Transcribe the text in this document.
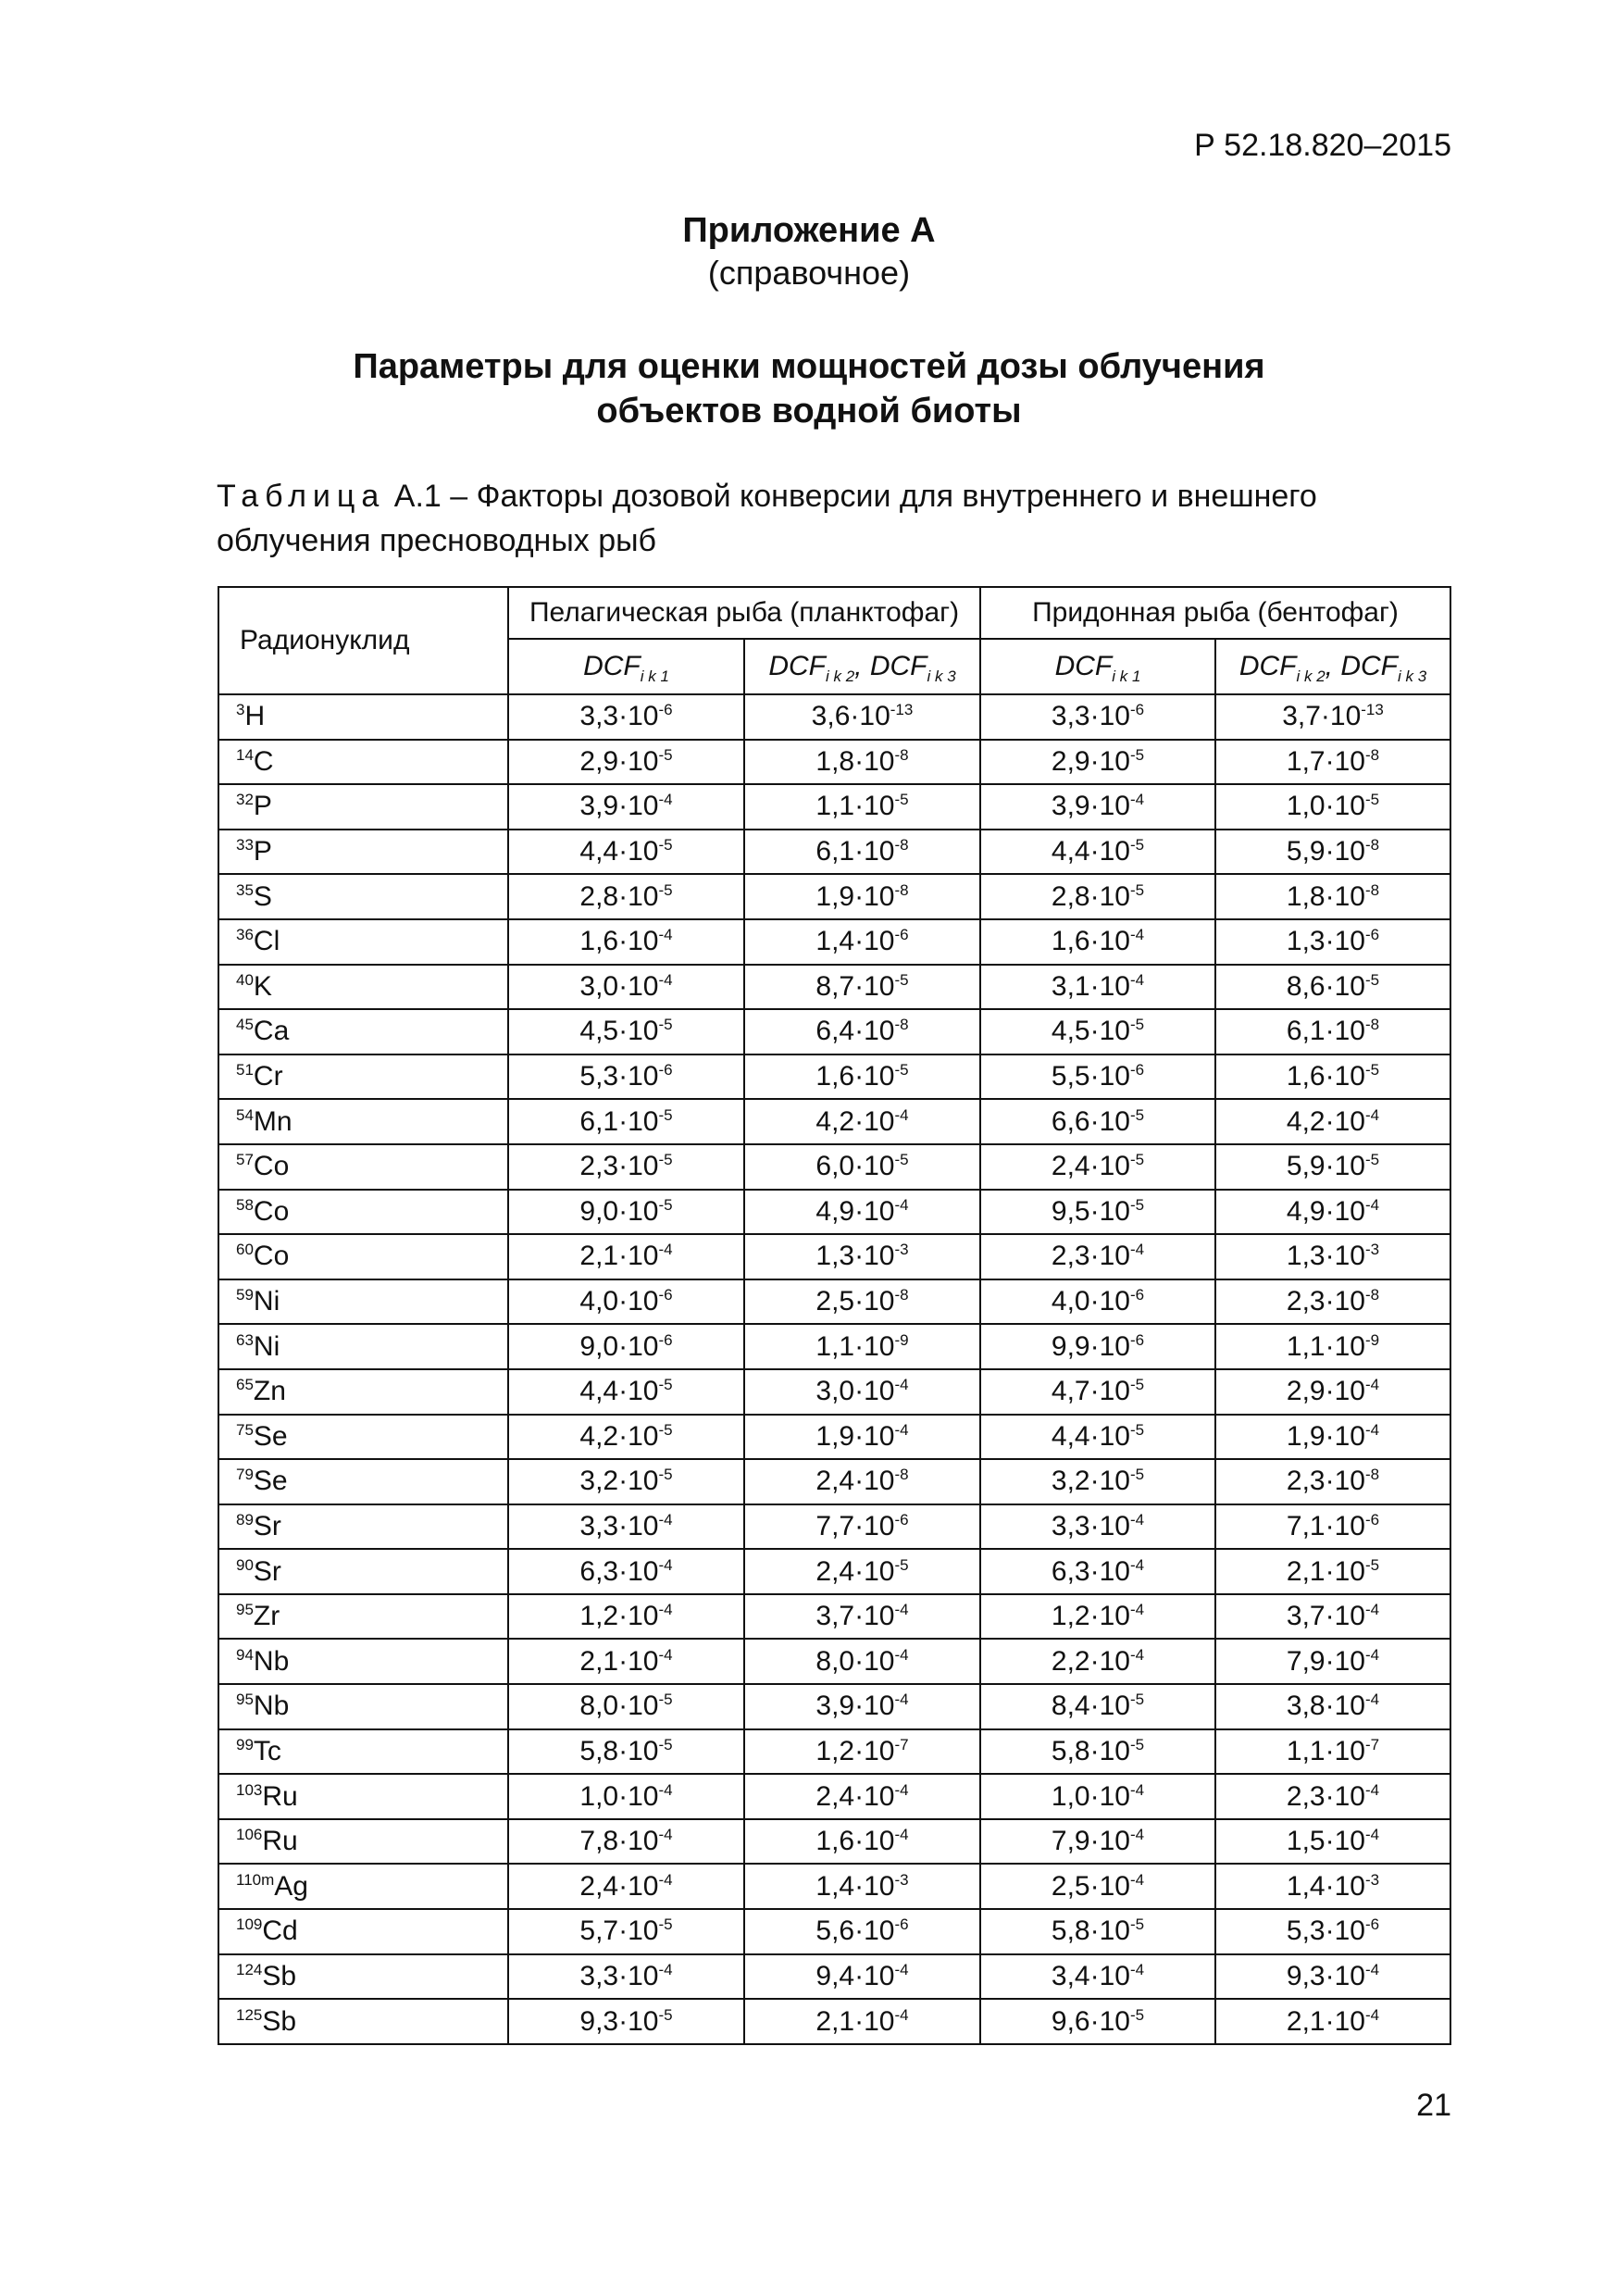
Р 52.18.820–2015
Приложение А
(справочное)
Параметры для оценки мощностей дозы облучения
объектов водной биоты
Таблица А.1 – Факторы дозовой конверсии для внутреннего и внешнего облучения пресноводных рыб
Радионуклид	Пелагическая рыба (планктофаг)		Придонная рыба (бентофаг)	
	$DCF_{i k 1}$	$DCF_{i k 2}$, $DCF_{i k 3}$	$DCF_{i k 1}$	$DCF_{i k 2}$, $DCF_{i k 3}$
$^3$H	$3,3\cdot 10^{-6}$	$3,6\cdot 10^{-13}$	$3,3\cdot 10^{-6}$	$3,7\cdot 10^{-13}$
$^{14}$C	$2,9\cdot 10^{-5}$	$1,8\cdot 10^{-8}$	$2,9\cdot 10^{-5}$	$1,7\cdot 10^{-8}$
$^{32}$P	$3,9\cdot 10^{-4}$	$1,1\cdot 10^{-5}$	$3,9\cdot 10^{-4}$	$1,0\cdot 10^{-5}$
$^{33}$P	$4,4\cdot 10^{-5}$	$6,1\cdot 10^{-8}$	$4,4\cdot 10^{-5}$	$5,9\cdot 10^{-8}$
$^{35}$S	$2,8\cdot 10^{-5}$	$1,9\cdot 10^{-8}$	$2,8\cdot 10^{-5}$	$1,8\cdot 10^{-8}$
$^{36}$Cl	$1,6\cdot 10^{-4}$	$1,4\cdot 10^{-6}$	$1,6\cdot 10^{-4}$	$1,3\cdot 10^{-6}$
$^{40}$K	$3,0\cdot 10^{-4}$	$8,7\cdot 10^{-5}$	$3,1\cdot 10^{-4}$	$8,6\cdot 10^{-5}$
$^{45}$Ca	$4,5\cdot 10^{-5}$	$6,4\cdot 10^{-8}$	$4,5\cdot 10^{-5}$	$6,1\cdot 10^{-8}$
$^{51}$Cr	$5,3\cdot 10^{-6}$	$1,6\cdot 10^{-5}$	$5,5\cdot 10^{-6}$	$1,6\cdot 10^{-5}$
$^{54}$Mn	$6,1\cdot 10^{-5}$	$4,2\cdot 10^{-4}$	$6,6\cdot 10^{-5}$	$4,2\cdot 10^{-4}$
$^{57}$Co	$2,3\cdot 10^{-5}$	$6,0\cdot 10^{-5}$	$2,4\cdot 10^{-5}$	$5,9\cdot 10^{-5}$
$^{58}$Co	$9,0\cdot 10^{-5}$	$4,9\cdot 10^{-4}$	$9,5\cdot 10^{-5}$	$4,9\cdot 10^{-4}$
$^{60}$Co	$2,1\cdot 10^{-4}$	$1,3\cdot 10^{-3}$	$2,3\cdot 10^{-4}$	$1,3\cdot 10^{-3}$
$^{59}$Ni	$4,0\cdot 10^{-6}$	$2,5\cdot 10^{-8}$	$4,0\cdot 10^{-6}$	$2,3\cdot 10^{-8}$
$^{63}$Ni	$9,0\cdot 10^{-6}$	$1,1\cdot 10^{-9}$	$9,9\cdot 10^{-6}$	$1,1\cdot 10^{-9}$
$^{65}$Zn	$4,4\cdot 10^{-5}$	$3,0\cdot 10^{-4}$	$4,7\cdot 10^{-5}$	$2,9\cdot 10^{-4}$
$^{75}$Se	$4,2\cdot 10^{-5}$	$1,9\cdot 10^{-4}$	$4,4\cdot 10^{-5}$	$1,9\cdot 10^{-4}$
$^{79}$Se	$3,2\cdot 10^{-5}$	$2,4\cdot 10^{-8}$	$3,2\cdot 10^{-5}$	$2,3\cdot 10^{-8}$
$^{89}$Sr	$3,3\cdot 10^{-4}$	$7,7\cdot 10^{-6}$	$3,3\cdot 10^{-4}$	$7,1\cdot 10^{-6}$
$^{90}$Sr	$6,3\cdot 10^{-4}$	$2,4\cdot 10^{-5}$	$6,3\cdot 10^{-4}$	$2,1\cdot 10^{-5}$
$^{95}$Zr	$1,2\cdot 10^{-4}$	$3,7\cdot 10^{-4}$	$1,2\cdot 10^{-4}$	$3,7\cdot 10^{-4}$
$^{94}$Nb	$2,1\cdot 10^{-4}$	$8,0\cdot 10^{-4}$	$2,2\cdot 10^{-4}$	$7,9\cdot 10^{-4}$
$^{95}$Nb	$8,0\cdot 10^{-5}$	$3,9\cdot 10^{-4}$	$8,4\cdot 10^{-5}$	$3,8\cdot 10^{-4}$
$^{99}$Tc	$5,8\cdot 10^{-5}$	$1,2\cdot 10^{-7}$	$5,8\cdot 10^{-5}$	$1,1\cdot 10^{-7}$
$^{103}$Ru	$1,0\cdot 10^{-4}$	$2,4\cdot 10^{-4}$	$1,0\cdot 10^{-4}$	$2,3\cdot 10^{-4}$
$^{106}$Ru	$7,8\cdot 10^{-4}$	$1,6\cdot 10^{-4}$	$7,9\cdot 10^{-4}$	$1,5\cdot 10^{-4}$
$^{110m}$Ag	$2,4\cdot 10^{-4}$	$1,4\cdot 10^{-3}$	$2,5\cdot 10^{-4}$	$1,4\cdot 10^{-3}$
$^{109}$Cd	$5,7\cdot 10^{-5}$	$5,6\cdot 10^{-6}$	$5,8\cdot 10^{-5}$	$5,3\cdot 10^{-6}$
$^{124}$Sb	$3,3\cdot 10^{-4}$	$9,4\cdot 10^{-4}$	$3,4\cdot 10^{-4}$	$9,3\cdot 10^{-4}$
$^{125}$Sb	$9,3\cdot 10^{-5}$	$2,1\cdot 10^{-4}$	$9,6\cdot 10^{-5}$	$2,1\cdot 10^{-4}$
21
